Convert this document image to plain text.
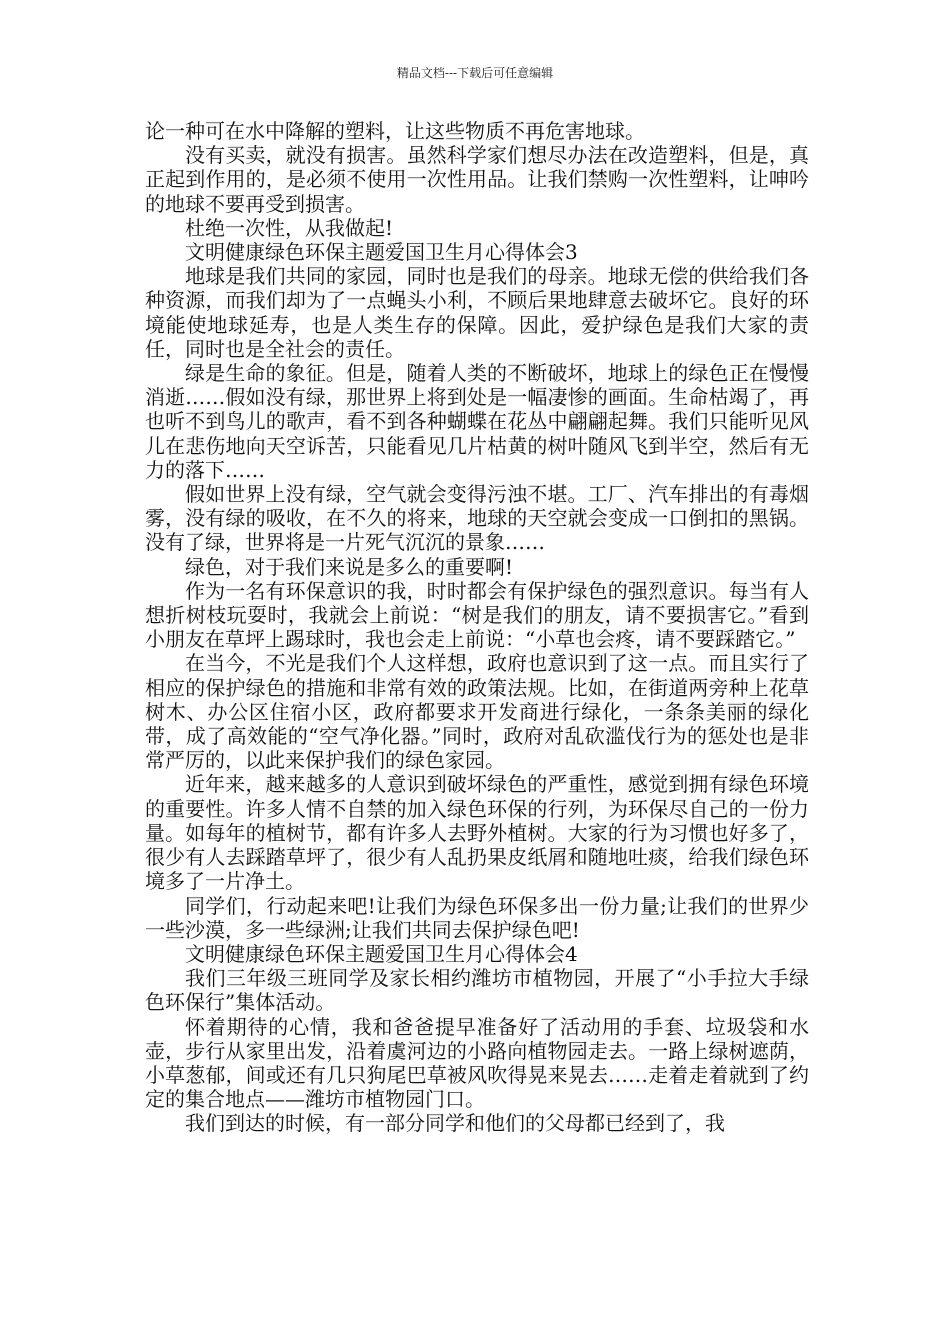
精品文档---下载后可任意编辑

论一种可在水中降解的塑料，让这些物质不再危害地球。

没有买卖，就没有损害。虽然科学家们想尽办法在改造塑料，但是，真正起到作用的，是必须不使用一次性用品。让我们禁购一次性塑料，让呻吟的地球不要再受到损害。

杜绝一次性，从我做起!

文明健康绿色环保主题爱国卫生月心得体会3

地球是我们共同的家园，同时也是我们的母亲。地球无偿的供给我们各种资源，而我们却为了一点蝇头小利，不顾后果地肆意去破坏它。良好的环境能使地球延寿，也是人类生存的保障。因此，爱护绿色是我们大家的责任，同时也是全社会的责任。

绿是生命的象征。但是，随着人类的不断破坏，地球上的绿色正在慢慢消逝……假如没有绿，那世界上将到处是一幅凄惨的画面。生命枯竭了，再也听不到鸟儿的歌声，看不到各种蝴蝶在花丛中翩翩起舞。我们只能听见风儿在悲伤地向天空诉苦，只能看见几片枯黄的树叶随风飞到半空，然后有无力的落下……

假如世界上没有绿，空气就会变得污浊不堪。工厂、汽车排出的有毒烟雾，没有绿的吸收，在不久的将来，地球的天空就会变成一口倒扣的黑锅。没有了绿，世界将是一片死气沉沉的景象……

绿色，对于我们来说是多么的重要啊!

作为一名有环保意识的我，时时都会有保护绿色的强烈意识。每当有人想折树枝玩耍时，我就会上前说：“树是我们的朋友，请不要损害它。”看到小朋友在草坪上踢球时，我也会走上前说：“小草也会疼，请不要踩踏它。”

在当今，不光是我们个人这样想，政府也意识到了这一点。而且实行了相应的保护绿色的措施和非常有效的政策法规。比如，在街道两旁种上花草树木、办公区住宿小区，政府都要求开发商进行绿化，一条条美丽的绿化带，成了高效能的“空气净化器。”同时，政府对乱砍滥伐行为的惩处也是非常严厉的，以此来保护我们的绿色家园。

近年来，越来越多的人意识到破坏绿色的严重性，感觉到拥有绿色环境的重要性。许多人情不自禁的加入绿色环保的行列，为环保尽自己的一份力量。如每年的植树节，都有许多人去野外植树。大家的行为习惯也好多了，很少有人去踩踏草坪了，很少有人乱扔果皮纸屑和随地吐痰，给我们绿色环境多了一片净土。

同学们，行动起来吧!让我们为绿色环保多出一份力量;让我们的世界少一些沙漠，多一些绿洲;让我们共同去保护绿色吧!

文明健康绿色环保主题爱国卫生月心得体会4

我们三年级三班同学及家长相约潍坊市植物园，开展了“小手拉大手绿色环保行”集体活动。

怀着期待的心情，我和爸爸提早准备好了活动用的手套、垃圾袋和水壶，步行从家里出发，沿着虞河边的小路向植物园走去。一路上绿树遮荫，小草葱郁，间或还有几只狗尾巴草被风吹得晃来晃去……走着走着就到了约定的集合地点——潍坊市植物园门口。

我们到达的时候，有一部分同学和他们的父母都已经到了，我
